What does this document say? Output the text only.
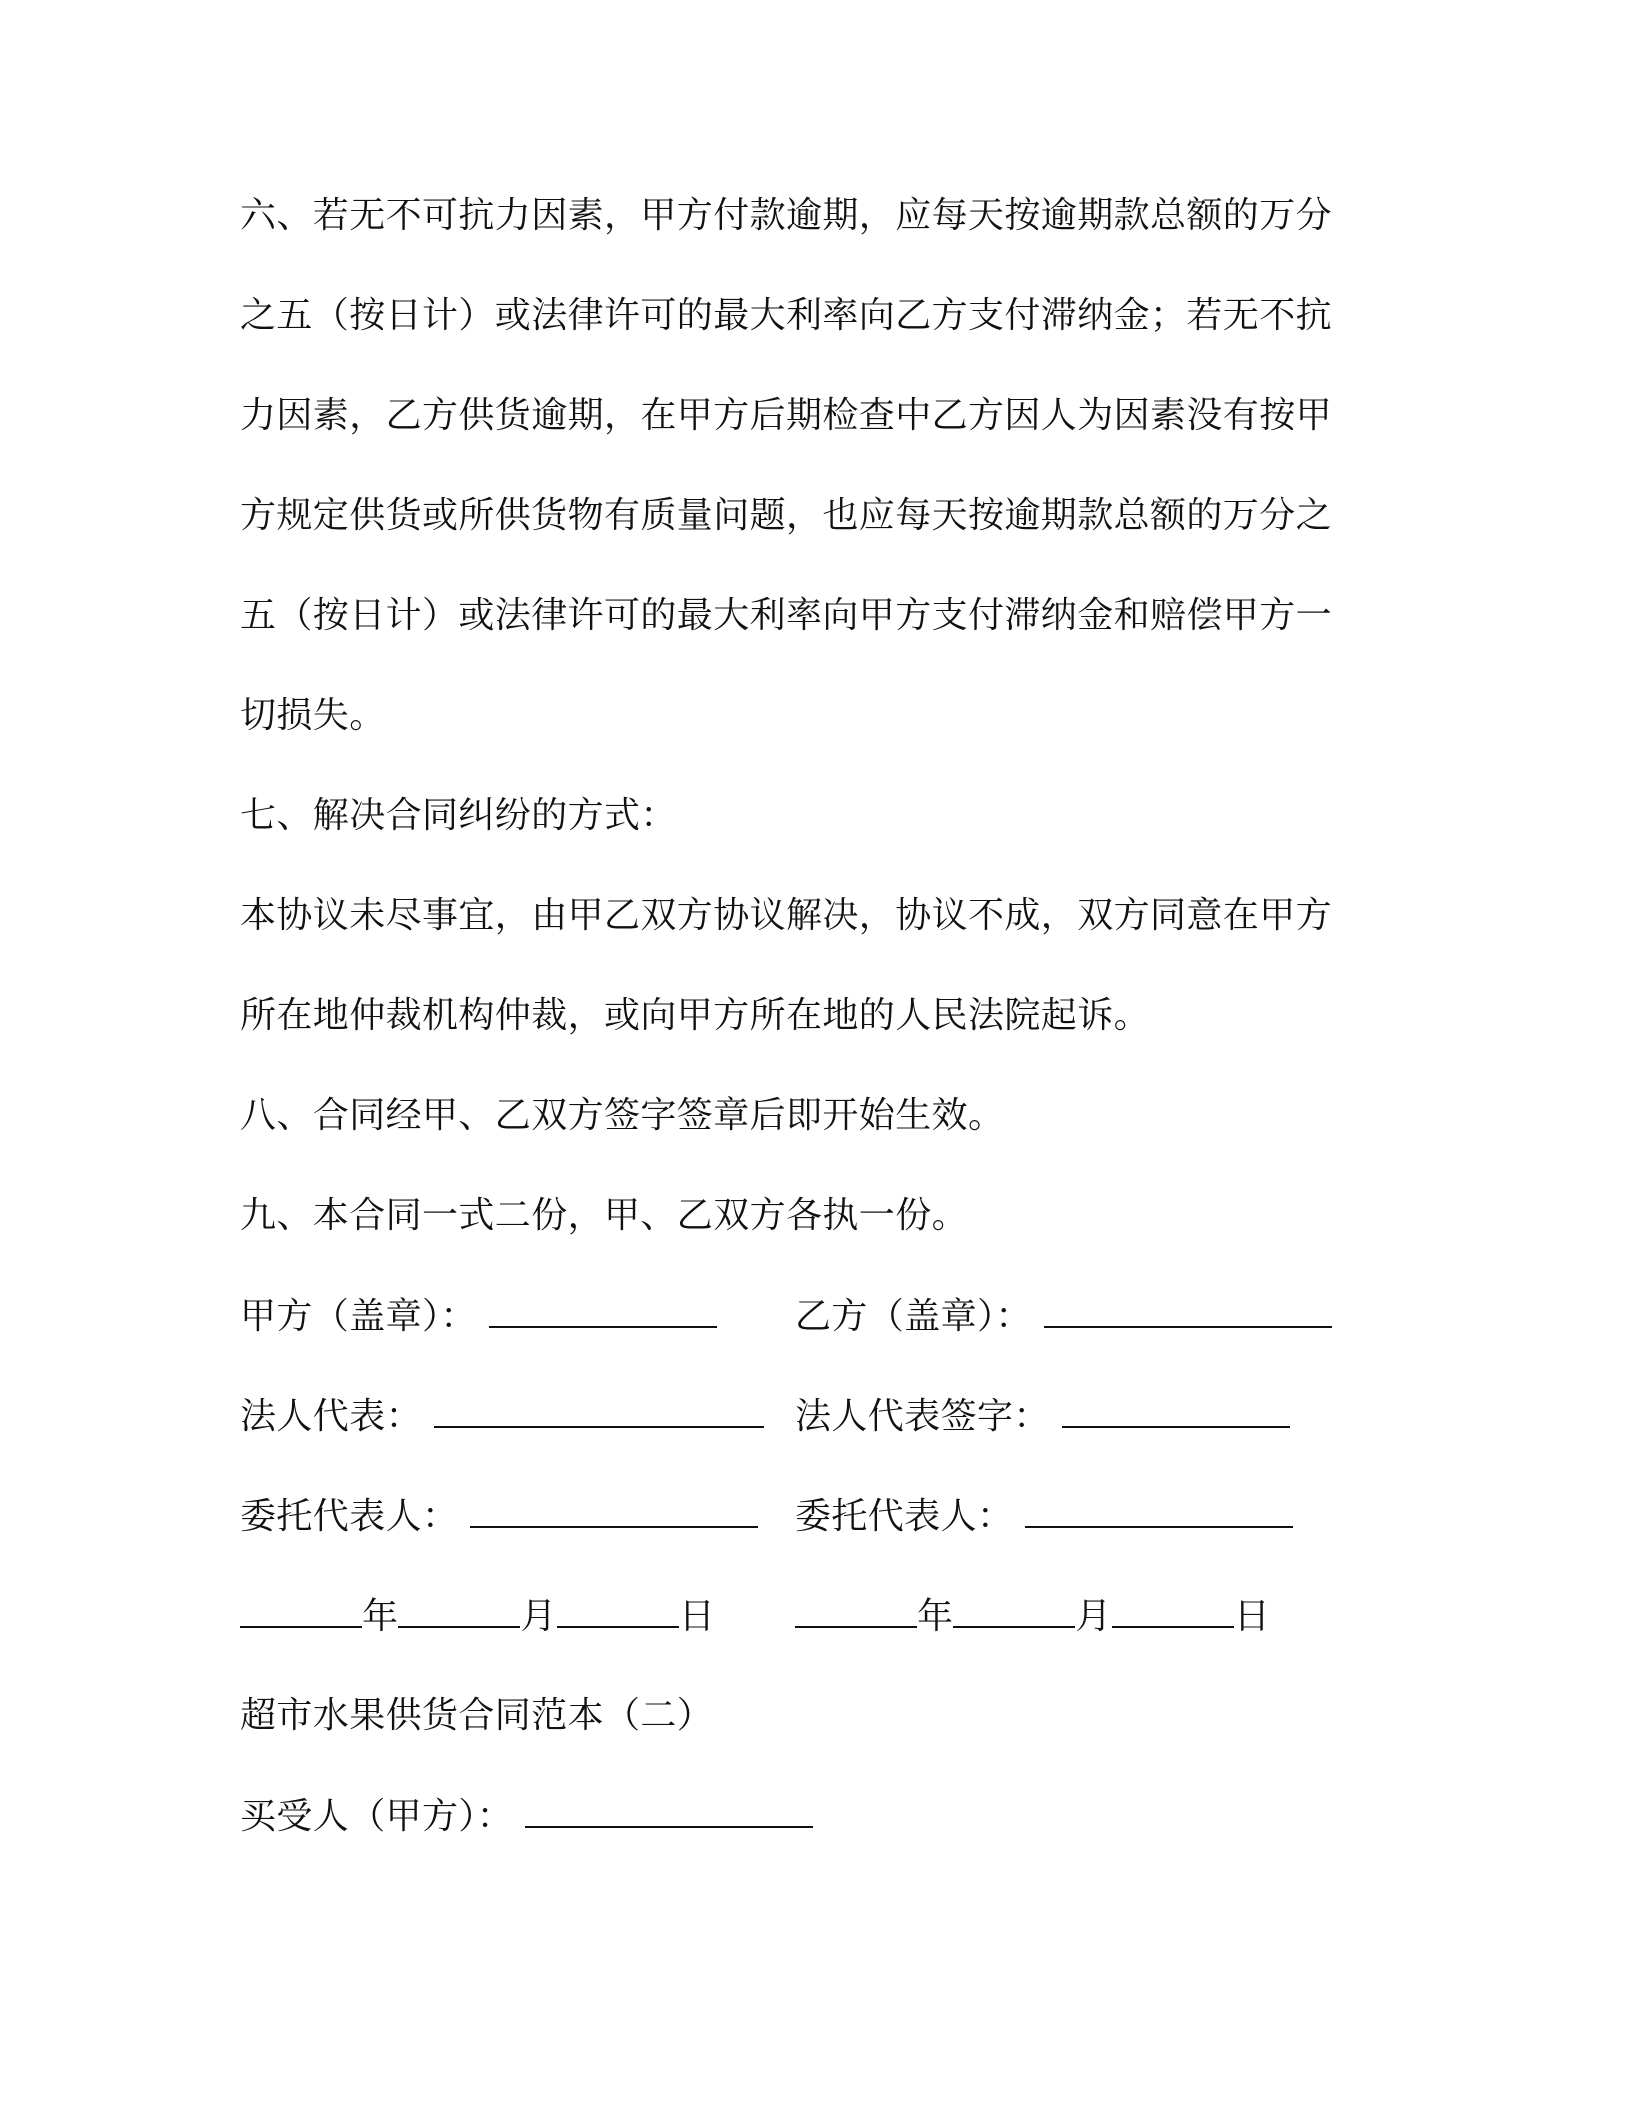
六、若无不可抗力因素，甲方付款逾期，应每天按逾期款总额的万分
之五（按日计）或法律许可的最大利率向乙方支付滞纳金；若无不抗
力因素，乙方供货逾期，在甲方后期检查中乙方因人为因素没有按甲
方规定供货或所供货物有质量问题，也应每天按逾期款总额的万分之
五（按日计）或法律许可的最大利率向甲方支付滞纳金和赔偿甲方一
切损失。
七、解决合同纠纷的方式：
本协议未尽事宜，由甲乙双方协议解决，协议不成，双方同意在甲方
所在地仲裁机构仲裁，或向甲方所在地的人民法院起诉。
八、合同经甲、乙双方签字签章后即开始生效。
九、本合同一式二份，甲、乙双方各执一份。
甲方（盖章）：	乙方（盖章）：
法人代表：	法人代表签字：
委托代表人：	委托代表人：
年	月	日	年	月	日
超市水果供货合同范本（二）
买受人（甲方）：
